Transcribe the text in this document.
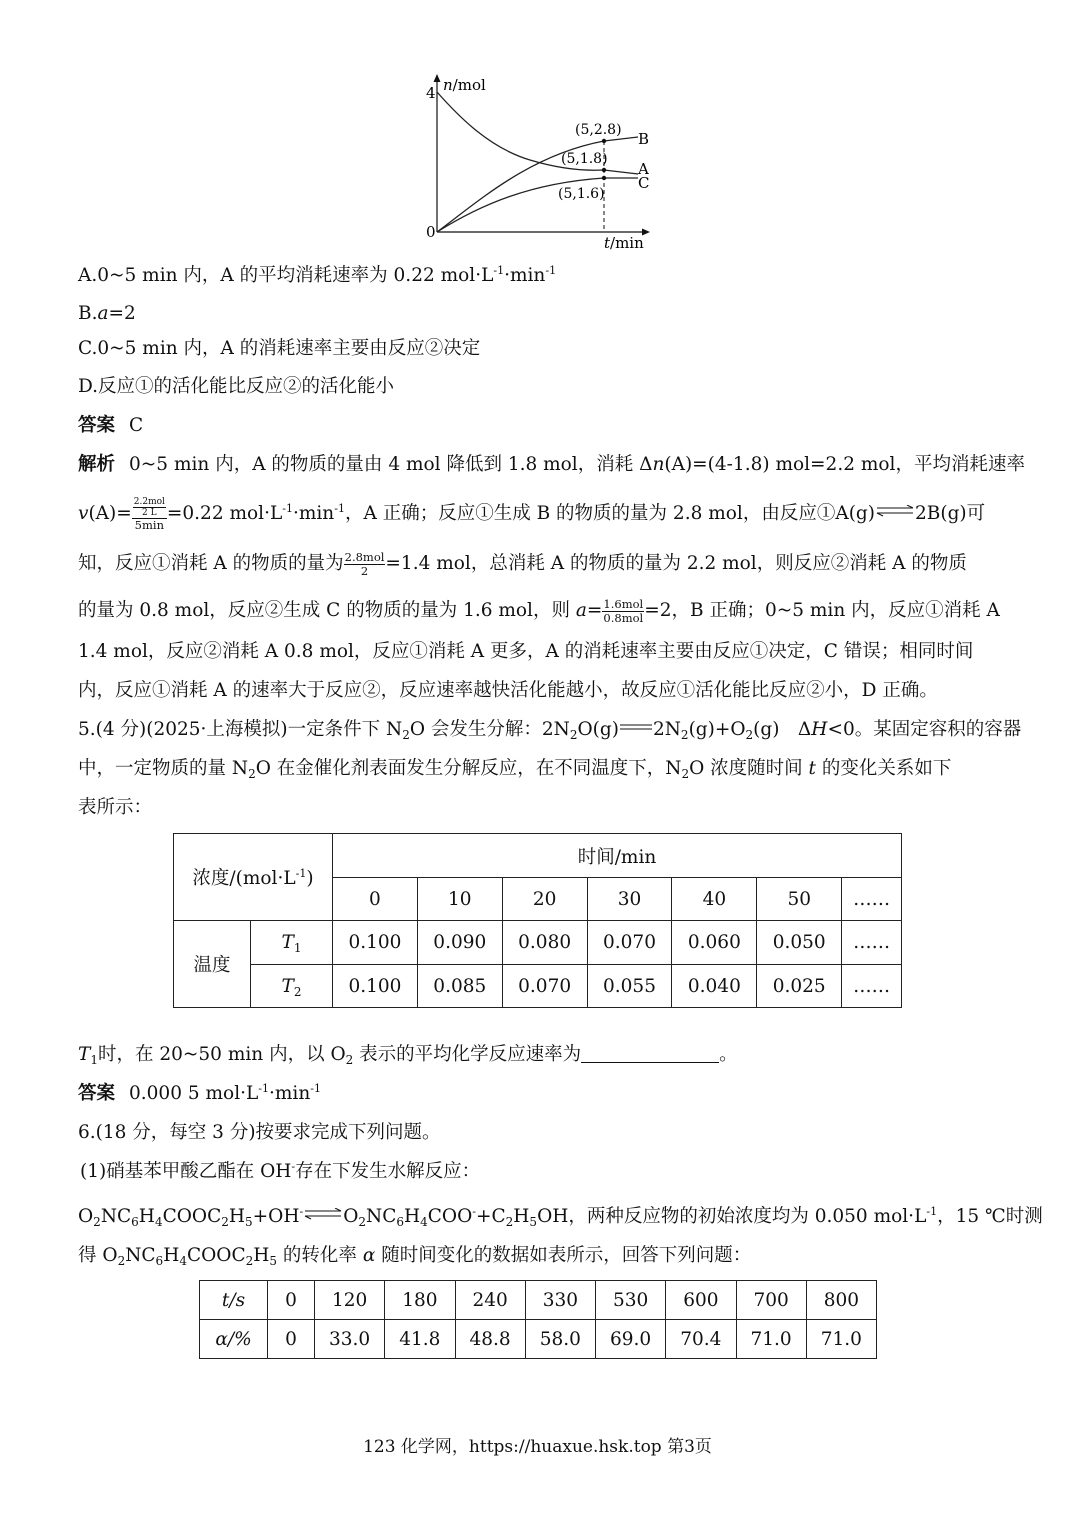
n/mol
4
0
t/min
(5,2.8)
(5,1.8)
(5,1.6)
B
A
C
A.0~5 min 内，A 的平均消耗速率为 0.22 $mol\cdot L^{-1}\cdot\min^{-1}$
B.a=2
C.0~5 min 内，A 的消耗速率主要由反应②决定
D.反应①的活化能比反应②的活化能小
答案 C
解析 0~5 min 内，A 的物质的量由 4 mol 降低到 1.8 mol，消耗 Δn(A)=(4-1.8) mol=2.2 mol，平均消耗速率
v(A)=
2.2mol
2 L
5min
=0.22 $mol\cdot L^{-1}\cdot\min^{-1}$，A 正确；反应①生成 B 的物质的量为 2.8 mol，由反应①A(g)⇌2B(g)可
知，反应①消耗 A 的物质的量为 2.8mol
2 =1.4 mol，总消耗 A 的物质的量为 2.2 mol，则反应②消耗 A 的物质
的量为 0.8 mol，反应②生成 C 的物质的量为 1.6 mol，则 a= 1.6mol
0.8mol =2，B 正确；0~5 min 内，反应①消耗 A
1.4 mol，反应②消耗 A 0.8 mol，反应①消耗 A 更多，A 的消耗速率主要由反应①决定，C 错误；相同时间
内，反应①消耗 A 的速率大于反应②，反应速率越快活化能越小，故反应①活化能比反应②小，D 正确。
5.(4 分)(2025·上海模拟)一定条件下 $N_2O$ 会发生分解：$2N_2O(g)$ $2N_2(g)+O_2(g)$　ΔH<0。某固定容积的容器
中，一定物质的量 $N_2O$ 在金催化剂表面发生分解反应，在不同温度下，$N_2O$ 浓度随时间 t 的变化关系如下
表所示：
浓度$/(mol\cdot L^{-1})$		时间/min						
		0	10	20	30	40	50	……
温度	$T_1$	0.100	0.090	0.080	0.070	0.060	0.050	……
	$T_2$	0.100	0.085	0.070	0.055	0.040	0.025	……
$T_1$时，在 20~50 min 内，以 $O_2$ 表示的平均化学反应速率为	。
答案 0.000 5 $mol\cdot L^{-1}\cdot\min^{-1}$
6.(18 分，每空 3 分)按要求完成下列问题。
(1)硝基苯甲酸乙酯在 OH-存在下发生水解反应：
$O_2NC_6H_4COOC_2H_5+OH^-\rightleftharpoons O_2NC_6H_4COO^-+C_2H_5OH$，两种反应物的初始浓度均为 0.050 $mol\cdot L^{-1}$，15 ℃时测
得 $O_2NC_6H_4COOC_2H_5$ 的转化率 α 随时间变化的数据如表所示，回答下列问题：
t/s	0	120	180	240	330	530	600	700	800
α/%	0	33.0	41.8	48.8	58.0	69.0	70.4	71.0	71.0
123 化学网，https://huaxue.hsk.top 第3页
